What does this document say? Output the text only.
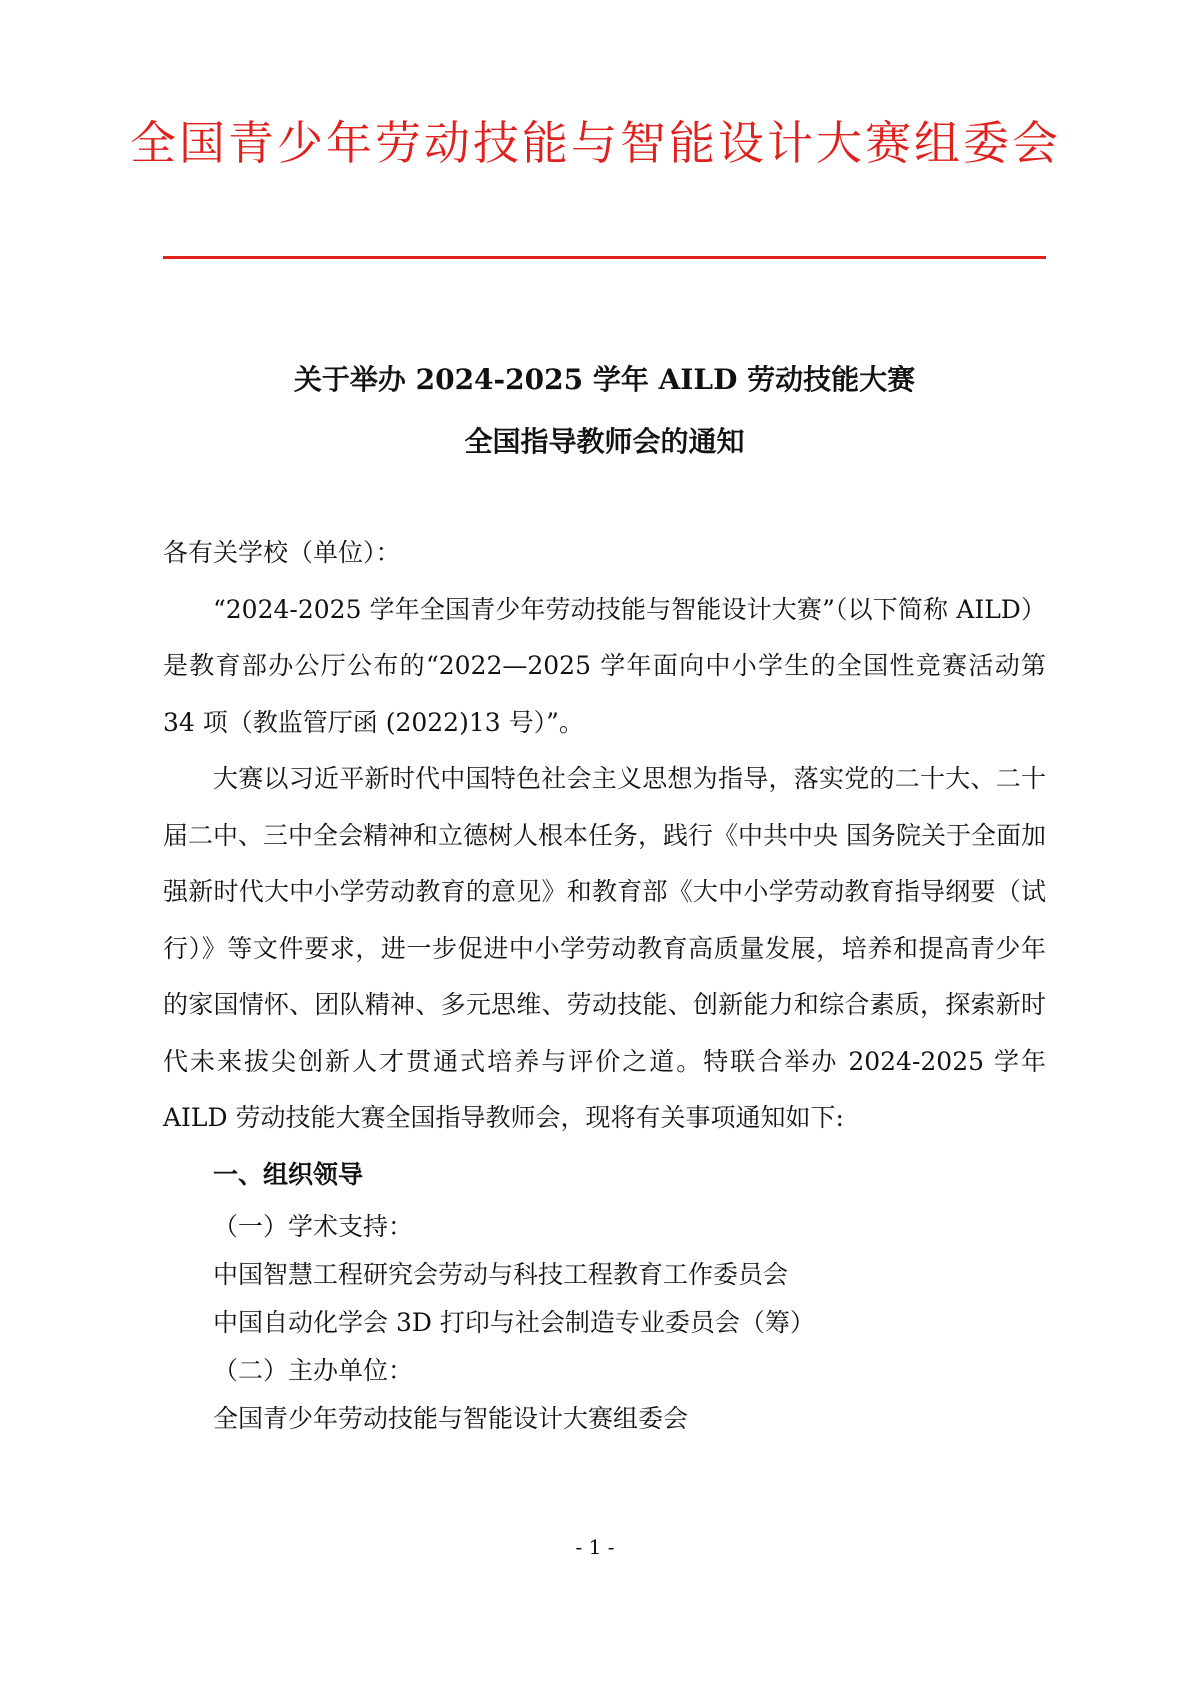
全国青少年劳动技能与智能设计大赛组委会
关于举办 2024-2025 学年 AILD 劳动技能大赛
全国指导教师会的通知

各有关学校（单位）：

“2024-2025 学年全国青少年劳动技能与智能设计大赛”（以下简称 AILD）是教育部办公厅公布的“2022—2025 学年面向中小学生的全国性竞赛活动第 34 项（教监管厅函 (2022)13 号）”。

大赛以习近平新时代中国特色社会主义思想为指导，落实党的二十大、二十届二中、三中全会精神和立德树人根本任务，践行《中共中央 国务院关于全面加强新时代大中小学劳动教育的意见》和教育部《大中小学劳动教育指导纲要（试行）》等文件要求，进一步促进中小学劳动教育高质量发展，培养和提高青少年的家国情怀、团队精神、多元思维、劳动技能、创新能力和综合素质，探索新时代未来拔尖创新人才贯通式培养与评价之道。特联合举办 2024-2025 学年 AILD 劳动技能大赛全国指导教师会，现将有关事项通知如下:

一、组织领导

（一）学术支持：

中国智慧工程研究会劳动与科技工程教育工作委员会

中国自动化学会 3D 打印与社会制造专业委员会（筹）

（二）主办单位：

全国青少年劳动技能与智能设计大赛组委会

- 1 -
